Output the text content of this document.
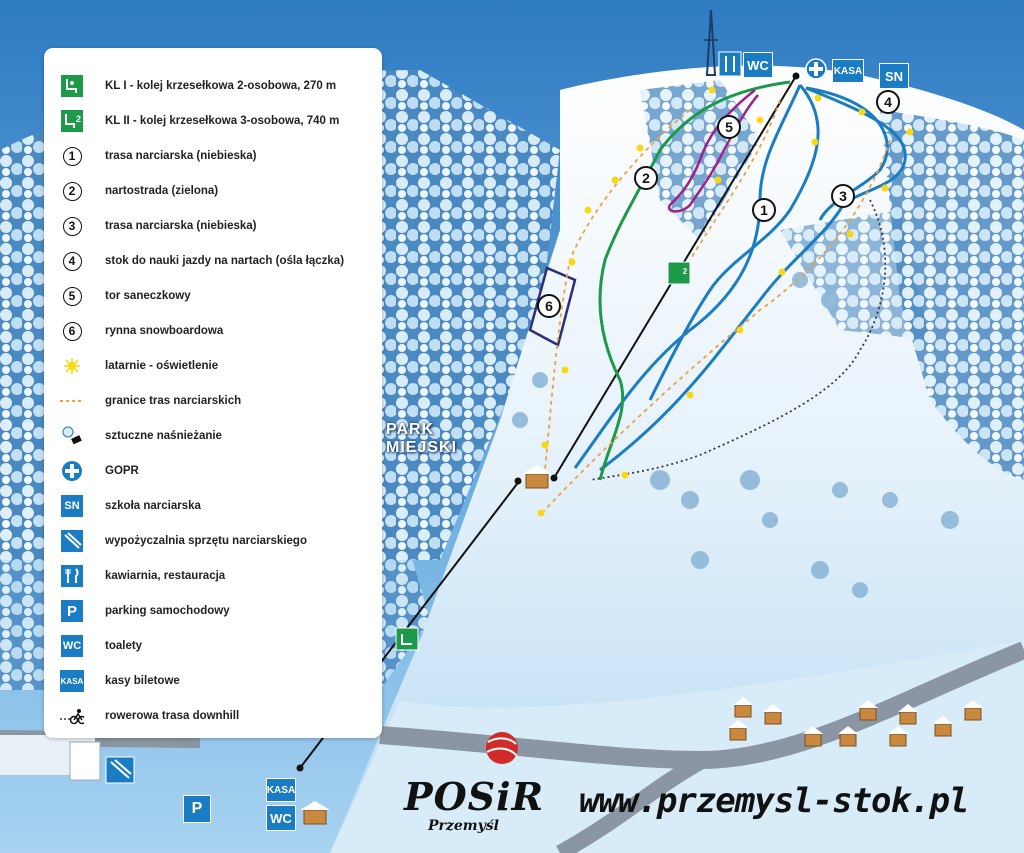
PARK
MIEJSKI
1
2
3
4
5
6
WC	KASA	SN
KASA
WC
P
2
POSiR
Przemyśl
www.przemysl-stok.pl
KL I - kolej krzesełkowa 2-osobowa, 270 m
2 KL II - kolej krzesełkowa 3-osobowa, 740 m
1	trasa narciarska (niebieska)
2	nartostrada (zielona)
3	trasa narciarska (niebieska)
4	stok do nauki jazdy na nartach (ośla łączka)
5	tor saneczkowy
6	rynna snowboardowa
latarnie - oświetlenie
granice tras narciarskich
sztuczne naśnieżanie
GOPR
SN szkoła narciarska
wypożyczalnia sprzętu narciarskiego
kawiarnia, restauracja
P	parking samochodowy
WC toalety
KASA kasy biletowe
rowerowa trasa downhill
